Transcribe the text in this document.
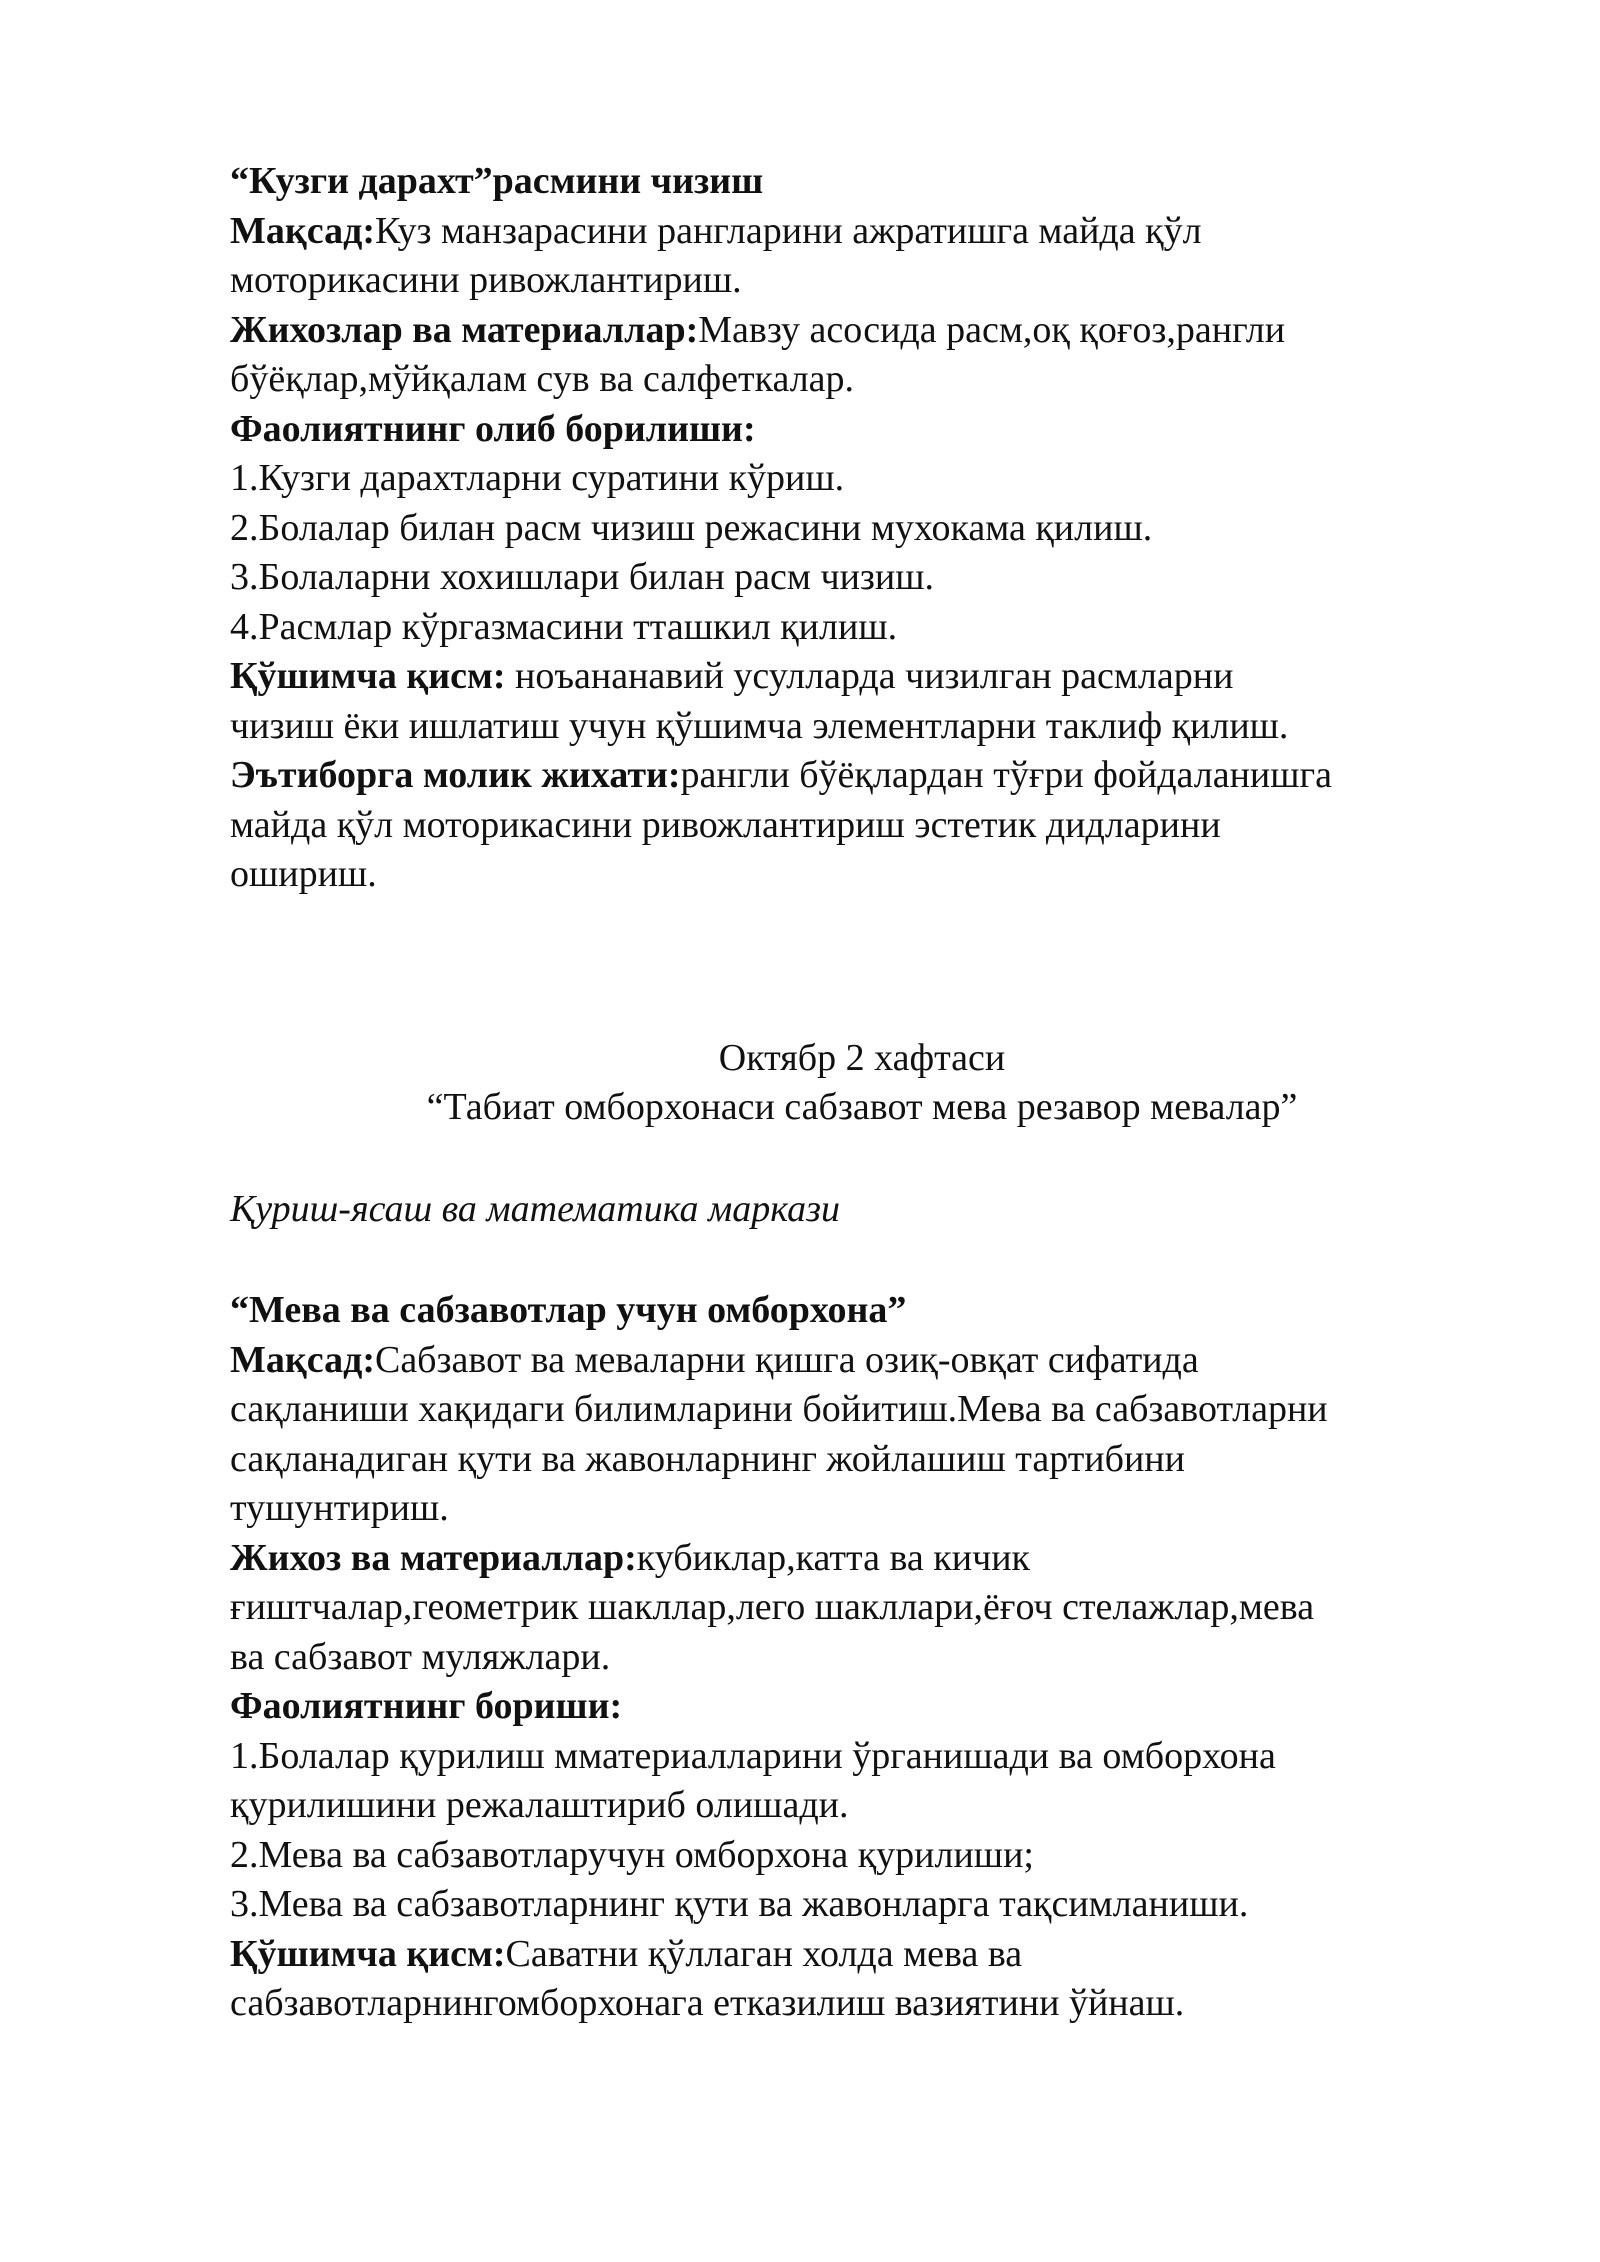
“Кузги дарахт”расмини чизиш
Мақсад:Куз манзарасини рангларини ажратишга майда қўл
моторикасини ривожлантириш.
Жихозлар ва материаллар:Мавзу асосида расм,оқ қоғоз,рангли
бўёқлар,мўйқалам сув ва салфеткалар.
Фаолиятнинг олиб борилиши:
1.Кузги дарахтларни суратини кўриш.
2.Болалар билан расм чизиш режасини мухокама қилиш.
3.Болаларни хохишлари билан расм чизиш.
4.Расмлар кўргазмасини тташкил қилиш.
Қўшимча қисм: ноъананавий усулларда чизилган расмларни
чизиш ёки ишлатиш учун қўшимча элементларни таклиф қилиш.
Эътиборга молик жихати:рангли бўёқлардан тўғри фойдаланишга
майда қўл моторикасини ривожлантириш эстетик дидларини
ошириш.
Октябр 2 хафтаси
“Табиат омборхонаси сабзавот мева резавор мевалар”
Қуриш-ясаш ва математика маркази
“Мева ва сабзавотлар учун омборхона”
Мақсад:Сабзавот ва меваларни қишга озиқ-овқат сифатида
сақланиши хақидаги билимларини бойитиш.Мева ва сабзавотларни
сақланадиган қути ва жавонларнинг жойлашиш тартибини
тушунтириш.
Жихоз ва материаллар:кубиклар,катта ва кичик
ғиштчалар,геометрик шакллар,лего шакллари,ёғоч стелажлар,мева
ва сабзавот муляжлари.
Фаолиятнинг бориши:
1.Болалар қурилиш мматериалларини ўрганишади ва омборхона
қурилишини режалаштириб олишади.
2.Мева ва сабзавотларучун омборхона қурилиши;
3.Мева ва сабзавотларнинг қути ва жавонларга тақсимланиши.
Қўшимча қисм:Саватни қўллаган холда мева ва
сабзавотларнингомборхонага етказилиш вазиятини ўйнаш.
